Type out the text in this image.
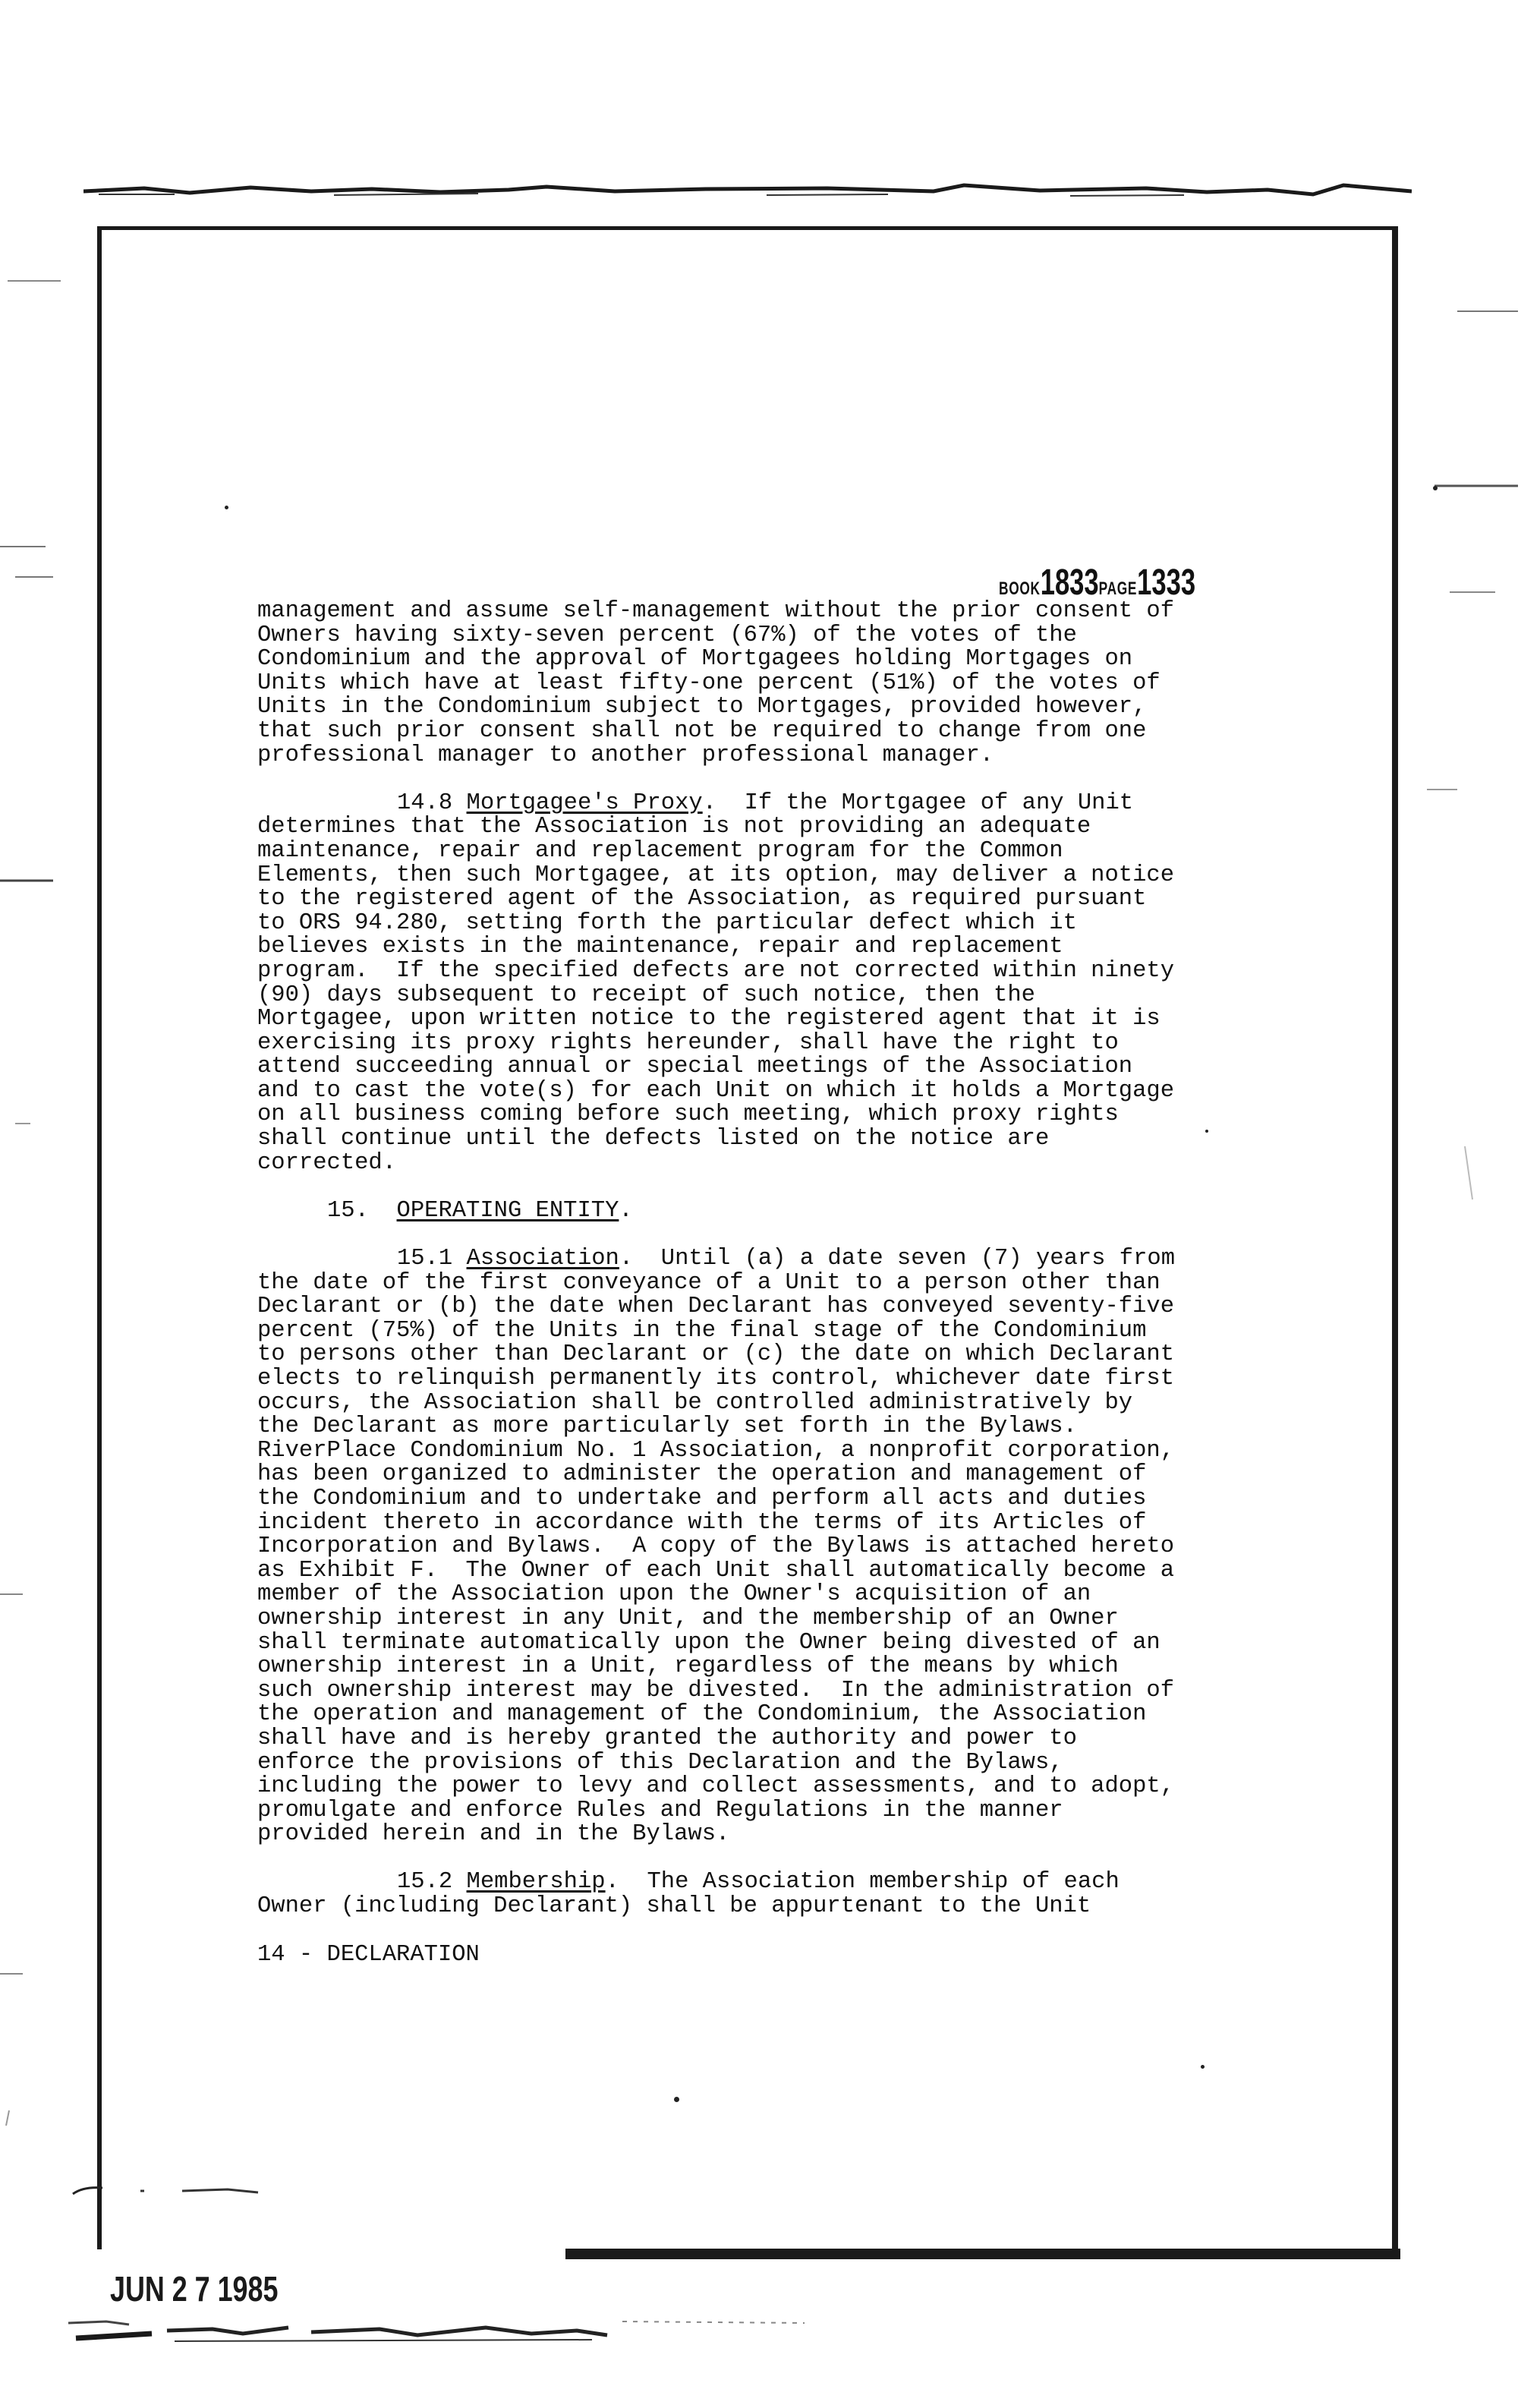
BOOK1833PAGE1333
management and assume self-management without the prior consent of
Owners having sixty-seven percent (67%) of the votes of the
Condominium and the approval of Mortgagees holding Mortgages on
Units which have at least fifty-one percent (51%) of the votes of
Units in the Condominium subject to Mortgages, provided however,
that such prior consent shall not be required to change from one
professional manager to another professional manager.
14.8 Mortgagee's Proxy.  If the Mortgagee of any Unit
determines that the Association is not providing an adequate
maintenance, repair and replacement program for the Common
Elements, then such Mortgagee, at its option, may deliver a notice
to the registered agent of the Association, as required pursuant
to ORS 94.280, setting forth the particular defect which it
believes exists in the maintenance, repair and replacement
program.  If the specified defects are not corrected within ninety
(90) days subsequent to receipt of such notice, then the
Mortgagee, upon written notice to the registered agent that it is
exercising its proxy rights hereunder, shall have the right to
attend succeeding annual or special meetings of the Association
and to cast the vote(s) for each Unit on which it holds a Mortgage
on all business coming before such meeting, which proxy rights
shall continue until the defects listed on the notice are
corrected.
15. OPERATING ENTITY.
15.1 Association.  Until (a) a date seven (7) years from
the date of the first conveyance of a Unit to a person other than
Declarant or (b) the date when Declarant has conveyed seventy-five
percent (75%) of the Units in the final stage of the Condominium
to persons other than Declarant or (c) the date on which Declarant
elects to relinquish permanently its control, whichever date first
occurs, the Association shall be controlled administratively by
the Declarant as more particularly set forth in the Bylaws.
RiverPlace Condominium No. 1 Association, a nonprofit corporation,
has been organized to administer the operation and management of
the Condominium and to undertake and perform all acts and duties
incident thereto in accordance with the terms of its Articles of
Incorporation and Bylaws.  A copy of the Bylaws is attached hereto
as Exhibit F.  The Owner of each Unit shall automatically become a
member of the Association upon the Owner's acquisition of an
ownership interest in any Unit, and the membership of an Owner
shall terminate automatically upon the Owner being divested of an
ownership interest in a Unit, regardless of the means by which
such ownership interest may be divested.  In the administration of
the operation and management of the Condominium, the Association
shall have and is hereby granted the authority and power to
enforce the provisions of this Declaration and the Bylaws,
including the power to levy and collect assessments, and to adopt,
promulgate and enforce Rules and Regulations in the manner
provided herein and in the Bylaws.
15.2 Membership.  The Association membership of each
Owner (including Declarant) shall be appurtenant to the Unit
14 - DECLARATION
JUN 2 7 1985
